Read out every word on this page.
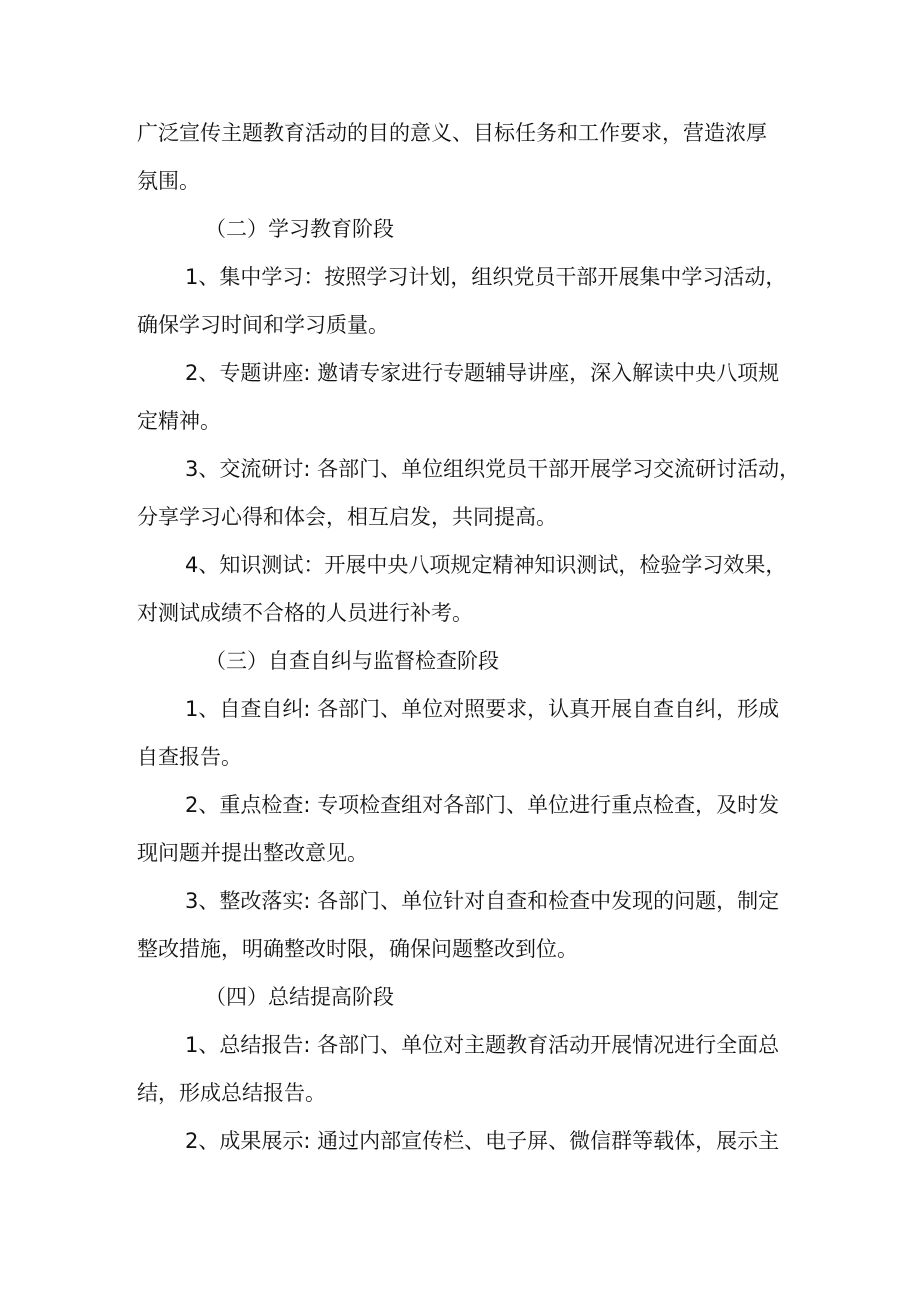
广泛宣传主题教育活动的目的意义、目标任务和工作要求，营造浓厚
氛围。
（二）学习教育阶段
1、集中学习：按照学习计划，组织党员干部开展集中学习活动，
确保学习时间和学习质量。
2、专题讲座: 邀请专家进行专题辅导讲座，深入解读中央八项规
定精神。
3、交流研讨: 各部门、单位组织党员干部开展学习交流研讨活动，
分享学习心得和体会，相互启发，共同提高。
4、知识测试：开展中央八项规定精神知识测试，检验学习效果，
对测试成绩不合格的人员进行补考。
（三）自查自纠与监督检查阶段
1、自查自纠: 各部门、单位对照要求，认真开展自查自纠，形成
自查报告。
2、重点检查: 专项检查组对各部门、单位进行重点检查，及时发
现问题并提出整改意见。
3、整改落实: 各部门、单位针对自查和检查中发现的问题，制定
整改措施，明确整改时限，确保问题整改到位。
（四）总结提高阶段
1、总结报告: 各部门、单位对主题教育活动开展情况进行全面总
结，形成总结报告。
2、成果展示: 通过内部宣传栏、电子屏、微信群等载体，展示主
